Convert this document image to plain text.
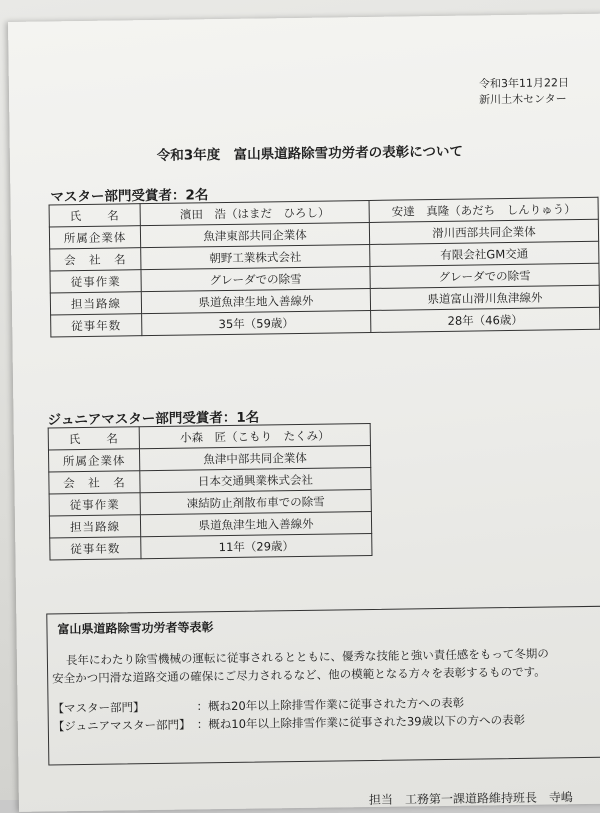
令和3年11月22日
新川土木センター
令和3年度　富山県道路除雪功労者の表彰について
マスター部門受賞者：2名
氏　　名	濱田　浩（はまだ　ひろし）	安達　真隆（あだち　しんりゅう）
所属企業体	魚津東部共同企業体	滑川西部共同企業体
会　社　名	朝野工業株式会社	有限会社GM交通
従事作業	グレーダでの除雪	グレーダでの除雪
担当路線	県道魚津生地入善線外	県道富山滑川魚津線外
従事年数	35年（59歳）	28年（46歳）
ジュニアマスター部門受賞者：1名
氏　　名	小森　匠（こもり　たくみ）
所属企業体	魚津中部共同企業体
会　社　名	日本交通興業株式会社
従事作業	凍結防止剤散布車での除雪
担当路線	県道魚津生地入善線外
従事年数	11年（29歳）
富山県道路除雪功労者等表彰
長年にわたり除雪機械の運転に従事されるとともに、優秀な技能と強い責任感をもって冬期の
安全かつ円滑な道路交通の確保にご尽力されるなど、他の模範となる方々を表彰するものです。
【マスター部門】	：概ね20年以上除排雪作業に従事された方への表彰
【ジュニアマスター部門】 ：概ね10年以上除排雪作業に従事された39歳以下の方への表彰
担当　工務第一課道路維持班長　寺嶋
